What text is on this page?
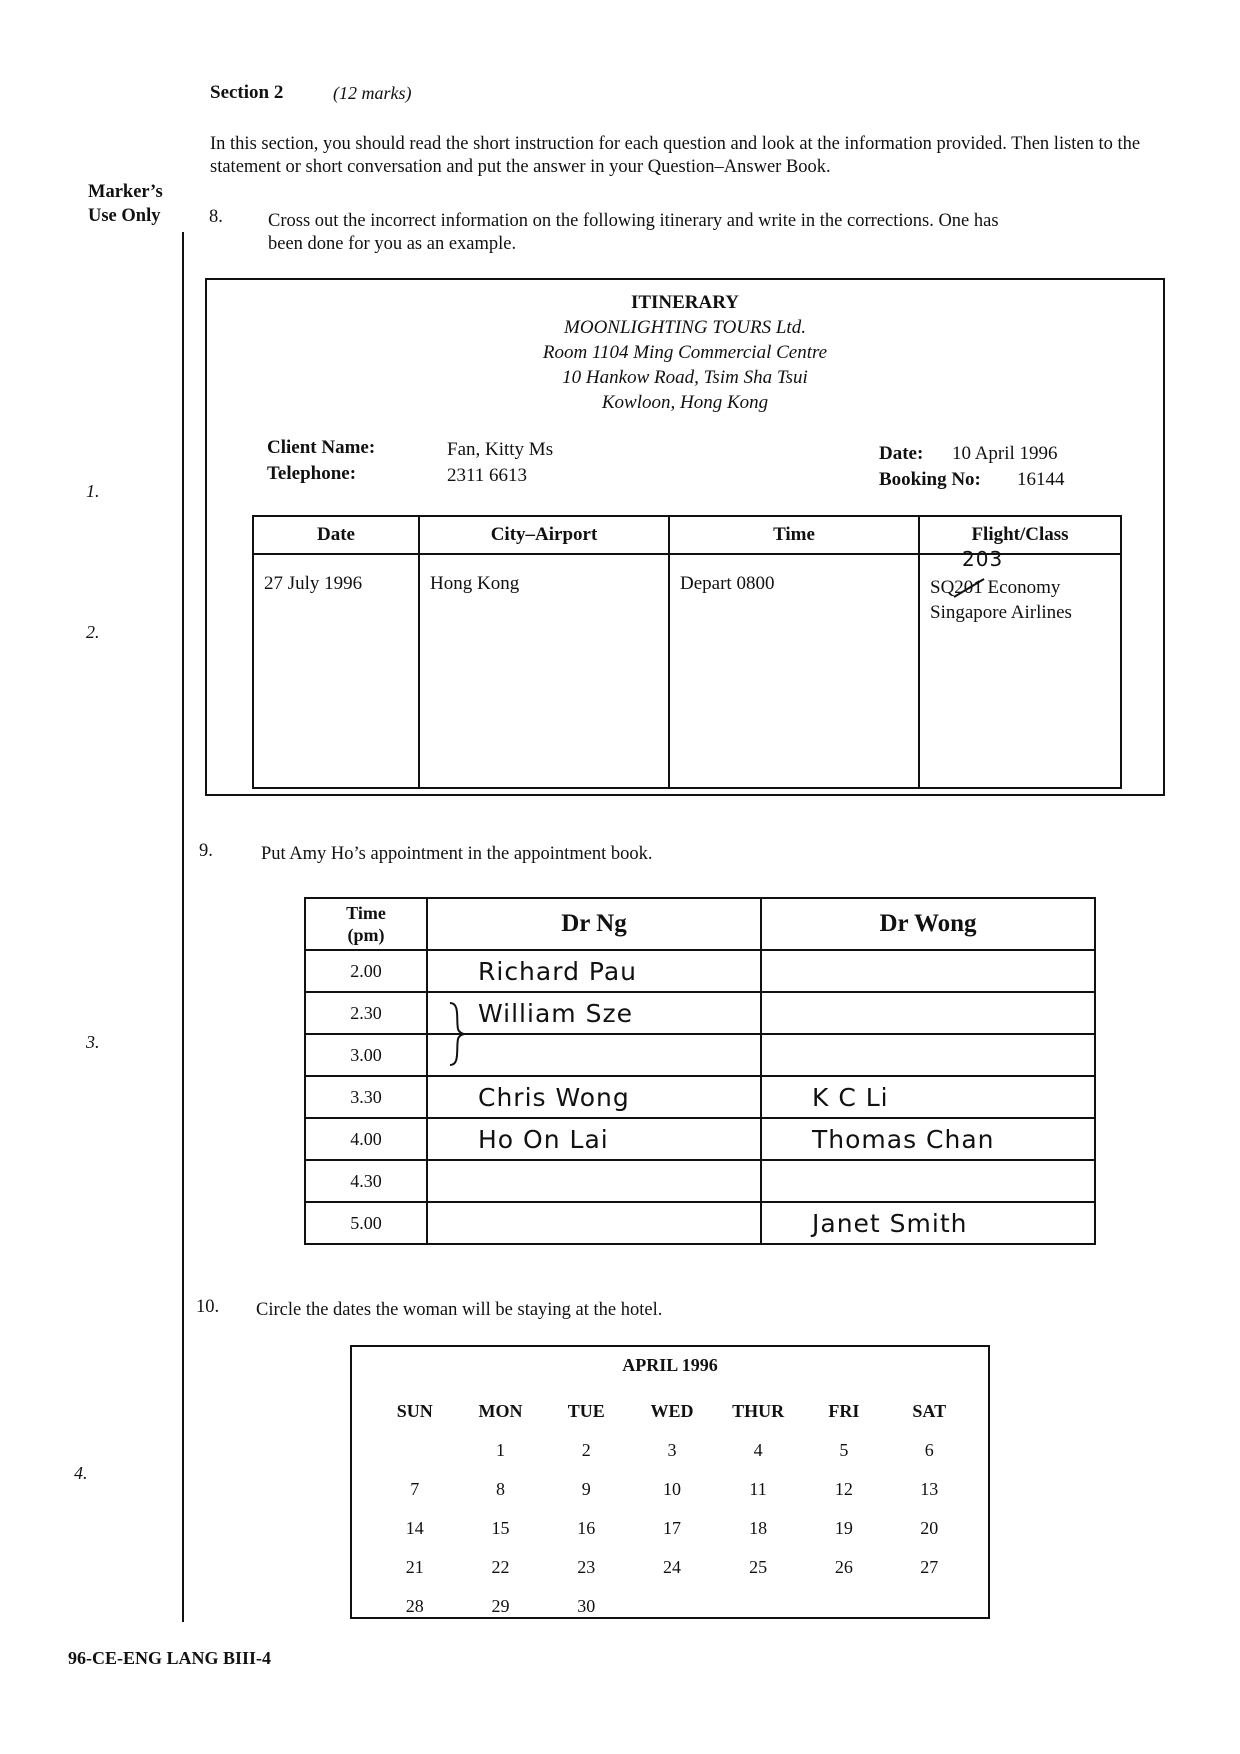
Section 2	(12 marks)
In this section, you should read the short instruction for each question and look at the information provided. Then listen to the statement or short conversation and put the answer in your Question–Answer Book.
Marker’s
Use Only
1.
2.
3.
4.
8. Cross out the incorrect information on the following itinerary and write in the corrections. One has
been done for you as an example.
ITINERARY
MOONLIGHTING TOURS Ltd.
Room 1104 Ming Commercial Centre
10 Hankow Road, Tsim Sha Tsui
Kowloon, Hong Kong
Client Name:	Fan, Kitty Ms
Telephone:	2311 6613
Date: 10 April 1996
Booking No: 16144
Date	City–Airport	Time	Flight/Class
27 July 1996	Hong Kong	Depart 0800	203
SQ201
Economy
Singapore Airlines
9.	Put Amy Ho’s appointment in the appointment book.
Time
(pm)	Dr Ng	Dr Wong
2.00	Richard Pau	
2.30	William Sze	
3.00		
3.30	Chris Wong	K C Li
4.00	Ho On Lai	Thomas Chan
4.30		
5.00		Janet Smith
10. Circle the dates the woman will be staying at the hotel.
APRIL 1996
SUN	MON	TUE	WED	THUR	FRI	SAT
	1	2	3	4	5	6
7	8	9	10	11	12	13
14	15	16	17	18	19	20
21	22	23	24	25	26	27
28	29	30				
96-CE-ENG LANG BIII-4
